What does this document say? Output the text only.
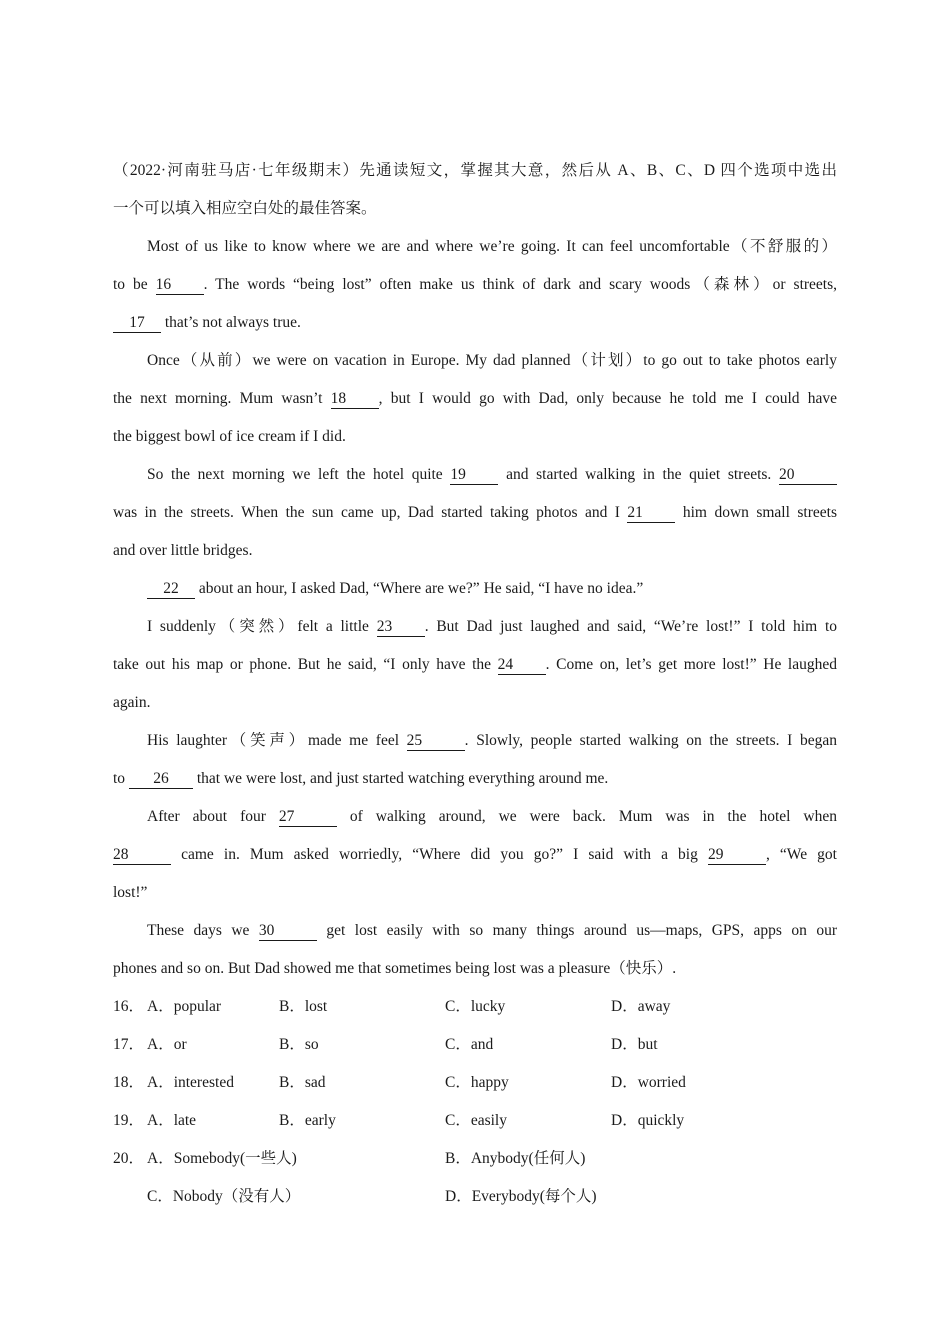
（2022·河南驻马店·七年级期末）先通读短文，掌握其大意，然后从 A、B、C、D 四个选项中选出
一个可以填入相应空白处的最佳答案。
Most of us like to know where we are and where we’re going. It can feel uncomfortable（不舒服的）
to be 16 . The words “being lost” often make us think of dark and scary woods（森林）or streets,
17 that’s not always true.
Once（从前）we were on vacation in Europe. My dad planned（计划）to go out to take photos early
the next morning. Mum wasn’t 18 , but I would go with Dad, only because he told me I could have
the biggest bowl of ice cream if I did.
So the next morning we left the hotel quite 19 and started walking in the quiet streets. 20
was in the streets. When the sun came up, Dad started taking photos and I 21 him down small streets
and over little bridges.
22 about an hour, I asked Dad, “Where are we?” He said, “I have no idea.”
I suddenly（突然）felt a little 23 . But Dad just laughed and said, “We’re lost!” I told him to
take out his map or phone. But he said, “I only have the 24 . Come on, let’s get more lost!” He laughed
again.
His laughter（笑声）made me feel 25	. Slowly, people started walking on the streets. I began
to 26 that we were lost, and just started watching everything around me.
After about four 27	of walking around, we were back. Mum was in the hotel when
28	came in. Mum asked worriedly, “Where did you go?” I said with a big 29	, “We got
lost!”
These days we 30	get lost easily with so many things around us—maps, GPS, apps on our
phones and so on. But Dad showed me that sometimes being lost was a pleasure（快乐）.
16． A．popular	B．lost	C．lucky	D．away
17． A．or	B．so	C．and	D．but
18． A．interested	B．sad	C．happy	D．worried
19． A．late	B．early	C．easily	D．quickly
20． A．Somebody(一些人)	B．Anybody(任何人)
C．Nobody（没有人）	D．Everybody(每个人)
